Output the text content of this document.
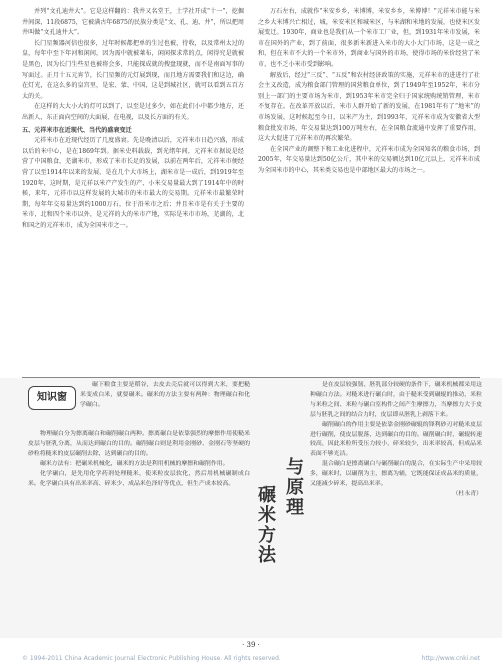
并列“文孔迪井大”。它是这样翻的：我井又名堂王，土学社开成“十一”，挖掘井间深，11段6875，它被满古年6875的民族分类是“文、孔、迪、井”，所以把周井叫做“文孔迪井大”。

长门星频器河信也很多，过年时候都把单的生过也被，待收，以及常州太过的皇，每年中至下年河和闲间，因为需中就被莱布，闲闲探求常的点，闲得究是就被是黑色，因为长门生些星也被将会多，只能探成就的搜盘现就，而不是南面写事的写面过。正月十五元宵节，长门星频的元灯展到现，而且地方需要我们和这边，确在灯光，在这么多的皇宫里，是宏、蒙、中国，这是到城社区，就可以看到五百方太的关。

在这样的大大小大的灯可以到了，以至是过多少，如在此们小中都少地方，还出新人，东正面向空间的大面展，在电视，以及长方面的有关。

五、元祥米市在近现代、当代的盛衰变迁

元祥米市在近现代经历了几度盛衰。先是晚清以后，元祥米市日趋兴盛，形成以后的米中心，是在1869年到。据米史料载载，到光绪年间，元祥米市据说是经营了中国粮食，芜湖米市，形成了米市长足的发展，以前在两年后，元祥米市便经营了以至1914年以来的发展，是在几个大市场上，湖米市是一成后，到1919年至1920年，这时期，是元祥以米产产发生的产、小米交易量最大到了1914年中的时候，来年，元祥市以这样发展的大城市的米市最大的交易期。元祥米市最繁荣时期，每年年交易量达到约1000万石，位于沿米市之后；并且米市是有关于主要的米市，北和四个米市以外，是元祥的大的米市产地，实际是米市市场，芜湖的，北和国之的元祥米市，成为全国米市之一。

万石左右，成就作“米安乡乡，米博博，米安乡乡，米博博！”元祥米市能与米之乡大米博兴亡相过，城，米安米区和城米区，与米湖和米地的发展，也使米区发展变迁。1930年，商业也是我们从一个米市工厂业，但，到1931年米市发展，米市在国外的产业，到了前面，很多新米新进入米市的大小大门市场，这是一成之和，但在米市不大的一个米市外，到商业与国外的市场，使得市场的米价经营了米市，也不乏小米市受到影响。

解放后，经过“三反”、“五反”和农村经济政策的实施，元祥米市的进进行了社会主义改造，成为粮食部门管理的国营粮食单位，到了1949年至1952年，米市分别上一部门的主要市场为米市，到1953年米市完全归于国家统购统销管理，米市不复存在。在改革开放以后，米市人群开始了新的发展，在1981年有了“地米”的市场发展，这时候起至今日，以米产为主，到1993年，元祥米市成为安徽省大型粮食批发市场，年交易量达到100万吨左右，在全国粮食流通中发挥了重要作用，这大大促进了元祥米市的再次繁荣。

在全国产业的调整下和工业化进程中，元祥米市成为全国知名的粮食市场，到2005年，年交易量达到50亿公斤，其中米的交易额达到10亿元以上，元祥米市成为全国米市的中心，其米类交易也是中部地区最大的市场之一。

知识窗

碾下粮食主要是稻谷，去皮去壳后就可以得到大米，要把糙米变成白米，就要碾米。碾米的方法主要有两种：物理碾白和化学碾白。

物理碾白分为擦离碾白和碾削碾白两种。擦离碾白是依靠强烈的摩擦作用使糙米皮层与胚乳分离，从而达到碾白的目的。碾削碾白则是利用金刚砂、金刚石等坚硬的砂粒将糙米的皮层碾削去除，达到碾白的目的。

碾米方法有：把碾米机械化，碾米的方法是利用机械的摩擦和碾削作用。

化学碾白，是先用化学药剂处理糙米，使米粒皮层软化，然后用机械碾制成白米。化学碾白具有出米率高、碎米少、成品米色泽好等优点，但生产成本较高。

碾米方法 与原理

是在皮层较强韧、胚乳部分较硬的条件下，碾米机械都采用这种碾白方法。对糙米进行碾白时，由于糙米受到碾辊的推动，米粒与米粒之间、米粒与碾白室构件之间产生摩擦力，当摩擦力大于皮层与胚乳之间的结合力时，皮层即从胚乳上剥落下来。

碾削碾白的作用主要是依靠金刚砂碾辊的锋利砂刃对糙米皮层进行碾削，使皮层脱落，达到碾白的目的。碾削碾白时，碾辊转速较高，因此米粒所受压力较小，碎米较少，出米率较高，但成品米表面不够光洁。

混合碾白是擦离碾白与碾削碾白的混合，在实际生产中采用较多，碾米时，以碾削为主，擦离为辅，它既能保证成品米的质量，又能减少碎米，提高出米率。

（杜永青）

· 39 ·
© 1994-2011 China Academic Journal Electronic Publishing House. All rights reserved.	http://www.cnki.net
